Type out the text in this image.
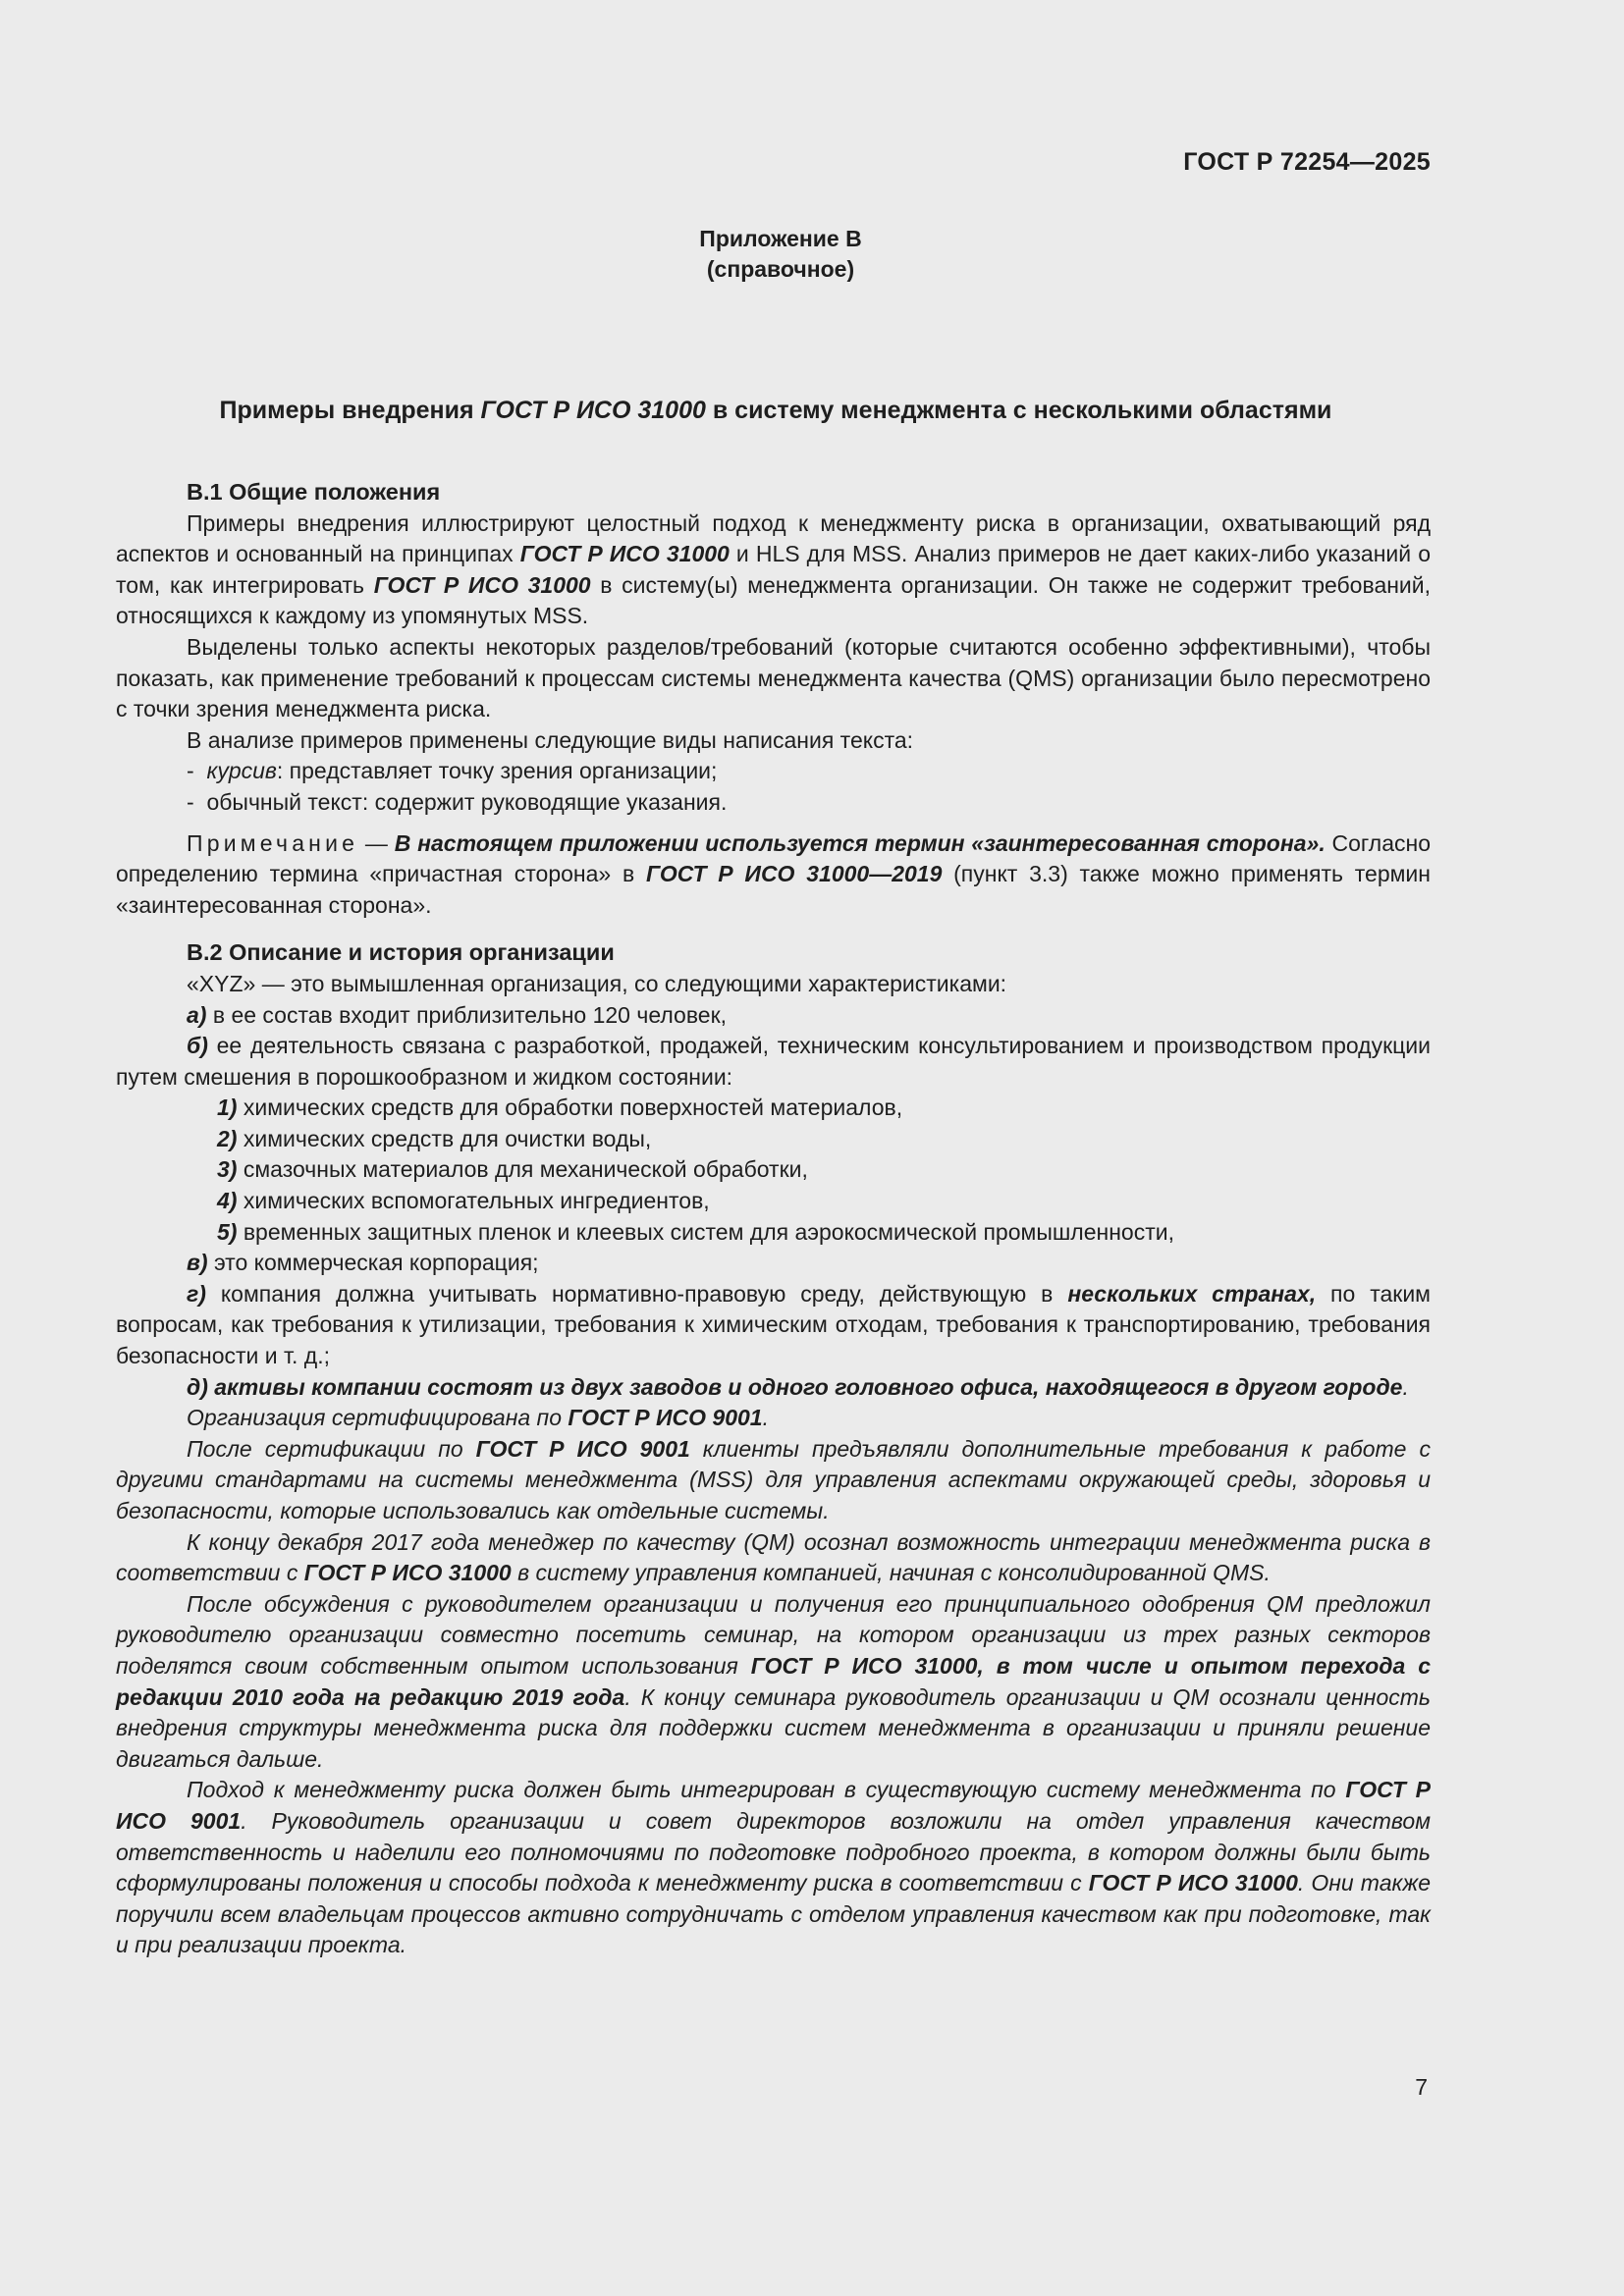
ГОСТ Р 72254—2025
Приложение В
(справочное)
Примеры внедрения ГОСТ Р ИСО 31000 в систему менеджмента с несколькими областями

В.1 Общие положения

Примеры внедрения иллюстрируют целостный подход к менеджменту риска в организации, охватывающий ряд аспектов и основанный на принципах ГОСТ Р ИСО 31000 и HLS для MSS. Анализ примеров не дает каких-либо указаний о том, как интегрировать ГОСТ Р ИСО 31000 в систему(ы) менеджмента организации. Он также не содержит требований, относящихся к каждому из упомянутых MSS.

Выделены только аспекты некоторых разделов/требований (которые считаются особенно эффективными), чтобы показать, как применение требований к процессам системы менеджмента качества (QMS) организации было пересмотрено с точки зрения менеджмента риска.

В анализе примеров применены следующие виды написания текста:

- курсив: представляет точку зрения организации;

- обычный текст: содержит руководящие указания.

Примечание — В настоящем приложении используется термин «заинтересованная сторона». Согласно определению термина «причастная сторона» в ГОСТ Р ИСО 31000—2019 (пункт 3.3) также можно применять термин «заинтересованная сторона».

В.2 Описание и история организации

«XYZ» — это вымышленная организация, со следующими характеристиками:

а) в ее состав входит приблизительно 120 человек,

б) ее деятельность связана с разработкой, продажей, техническим консультированием и производством продукции путем смешения в порошкообразном и жидком состоянии:

1) химических средств для обработки поверхностей материалов,

2) химических средств для очистки воды,

3) смазочных материалов для механической обработки,

4) химических вспомогательных ингредиентов,

5) временных защитных пленок и клеевых систем для аэрокосмической промышленности,

в) это коммерческая корпорация;

г) компания должна учитывать нормативно-правовую среду, действующую в нескольких странах, по таким вопросам, как требования к утилизации, требования к химическим отходам, требования к транспортированию, требования безопасности и т. д.;

д) активы компании состоят из двух заводов и одного головного офиса, находящегося в другом городе.

Организация сертифицирована по ГОСТ Р ИСО 9001.

После сертификации по ГОСТ Р ИСО 9001 клиенты предъявляли дополнительные требования к работе с другими стандартами на системы менеджмента (MSS) для управления аспектами окружающей среды, здоровья и безопасности, которые использовались как отдельные системы.

К концу декабря 2017 года менеджер по качеству (QM) осознал возможность интеграции менеджмента риска в соответствии с ГОСТ Р ИСО 31000 в систему управления компанией, начиная с консолидированной QMS.

После обсуждения с руководителем организации и получения его принципиального одобрения QM предложил руководителю организации совместно посетить семинар, на котором организации из трех разных секторов поделятся своим собственным опытом использования ГОСТ Р ИСО 31000, в том числе и опытом перехода с редакции 2010 года на редакцию 2019 года. К концу семинара руководитель организации и QM осознали ценность внедрения структуры менеджмента риска для поддержки систем менеджмента в организации и приняли решение двигаться дальше.

Подход к менеджменту риска должен быть интегрирован в существующую систему менеджмента по ГОСТ Р ИСО 9001. Руководитель организации и совет директоров возложили на отдел управления качеством ответственность и наделили его полномочиями по подготовке подробного проекта, в котором должны были быть сформулированы положения и способы подхода к менеджменту риска в соответствии с ГОСТ Р ИСО 31000. Они также поручили всем владельцам процессов активно сотрудничать с отделом управления качеством как при подготовке, так и при реализации проекта.

7
